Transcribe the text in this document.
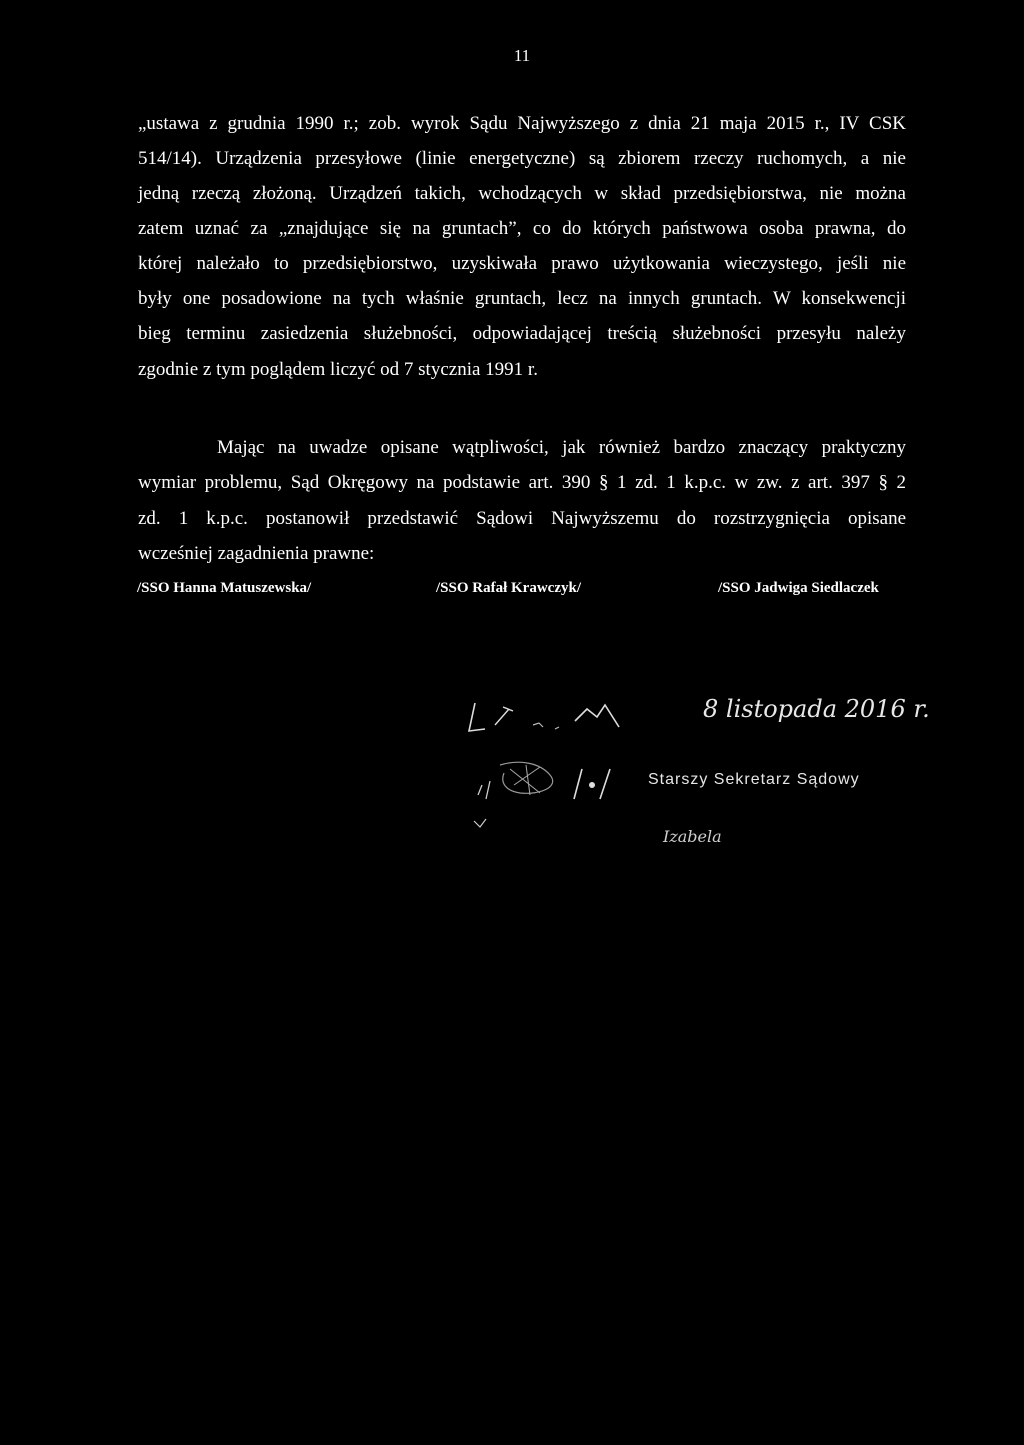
11
„ustawa z grudnia 1990 r.; zob. wyrok Sądu Najwyższego z dnia 21 maja 2015 r., IV CSK
514/14). Urządzenia przesyłowe (linie energetyczne) są zbiorem rzeczy ruchomych, a nie
jedną rzeczą złożoną. Urządzeń takich, wchodzących w skład przedsiębiorstwa, nie można
zatem uznać za „znajdujące się na gruntach”, co do których państwowa osoba prawna, do
której należało to przedsiębiorstwo, uzyskiwała prawo użytkowania wieczystego, jeśli nie
były one posadowione na tych właśnie gruntach, lecz na innych gruntach. W konsekwencji
bieg terminu zasiedzenia służebności, odpowiadającej treścią służebności przesyłu należy
zgodnie z tym poglądem liczyć od 7 stycznia 1991 r.
Mając na uwadze opisane wątpliwości, jak również bardzo znaczący praktyczny
wymiar problemu, Sąd Okręgowy na podstawie art. 390 § 1 zd. 1 k.p.c. w zw. z art. 397 § 2
zd. 1 k.p.c. postanowił przedstawić Sądowi Najwyższemu do rozstrzygnięcia opisane
wcześniej zagadnienia prawne:
/SSO Hanna Matuszewska/	/SSO Rafał Krawczyk/	/SSO Jadwiga Siedlaczek
8 listopada 2016 r.
Starszy Sekretarz Sądowy
Izabela
